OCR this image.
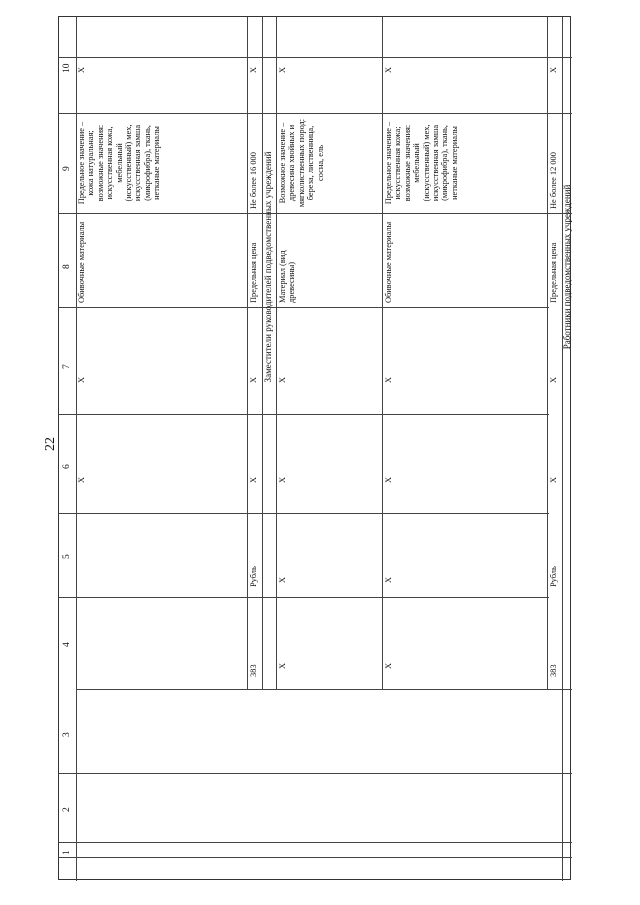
22
10
9
8
7
6
5
4
3
2
1
X
Предельное значение – кожа натуральная; возможные значения: искусственная кожа, мебельный (искусственный) мех, искусственная замша (микрофибра), ткань, нетканые материалы
Обивочные материалы
X
X
X
Не более 16 000
Предельная цена
X
X
Рубль
383
Заместители руководителей подведомственных учреждений
X
Возможное значение – древесина хвойных и мягколиственных пород: береза, лиственница, сосна, ель
Материал (вид древесины)
X
X
X
X
X
Предельное значение – искусственная кожа; возможные значения: мебельный (искусственный) мех, искусственная замша (микрофибра), ткань, нетканые материалы
Обивочные материалы
X
X
X
X
X
Не более 12 000
Предельная цена
X
X
Рубль
383
Работники подведомственных учреждений
